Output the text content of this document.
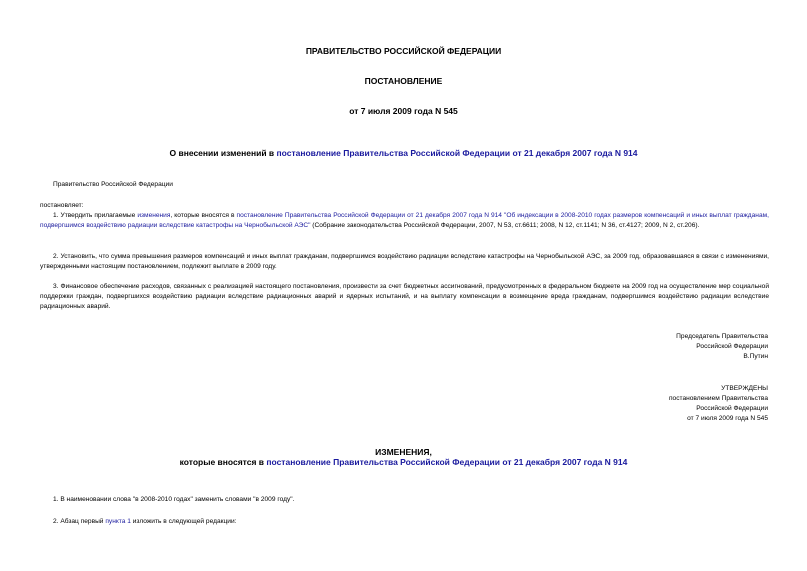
ПРАВИТЕЛЬСТВО РОССИЙСКОЙ ФЕДЕРАЦИИ
ПОСТАНОВЛЕНИЕ
от 7 июля 2009 года N 545
О внесении изменений в постановление Правительства Российской Федерации от 21 декабря 2007 года N 914
Правительство Российской Федерации
постановляет:
1. Утвердить прилагаемые изменения, которые вносятся в постановление Правительства Российской Федерации от 21 декабря 2007 года N 914 "Об индексации в 2008-2010 годах размеров компенсаций и иных выплат гражданам, подвергшимся воздействию радиации вследствие катастрофы на Чернобыльской АЭС" (Собрание законодательства Российской Федерации, 2007, N 53, ст.6611; 2008, N 12, ст.1141; N 36, ст.4127; 2009, N 2, ст.206).
2. Установить, что сумма превышения размеров компенсаций и иных выплат гражданам, подвергшимся воздействию радиации вследствие катастрофы на Чернобыльской АЭС, за 2009 год, образовавшаяся в связи с изменениями, утвержденными настоящим постановлением, подлежит выплате в 2009 году.
3. Финансовое обеспечение расходов, связанных с реализацией настоящего постановления, произвести за счет бюджетных ассигнований, предусмотренных в федеральном бюджете на 2009 год на осуществление мер социальной поддержки граждан, подвергшихся воздействию радиации вследствие радиационных аварий и ядерных испытаний, и на выплату компенсации в возмещение вреда гражданам, подвергшимся воздействию радиации вследствие радиационных аварий.
Председатель Правительства
Российской Федерации
В.Путин
УТВЕРЖДЕНЫ
постановлением Правительства
Российской Федерации
от 7 июля 2009 года N 545
ИЗМЕНЕНИЯ,
которые вносятся в постановление Правительства Российской Федерации от 21 декабря 2007 года N 914
1. В наименовании слова "в 2008-2010 годах" заменить словами "в 2009 году".
2. Абзац первый пункта 1 изложить в следующей редакции:
